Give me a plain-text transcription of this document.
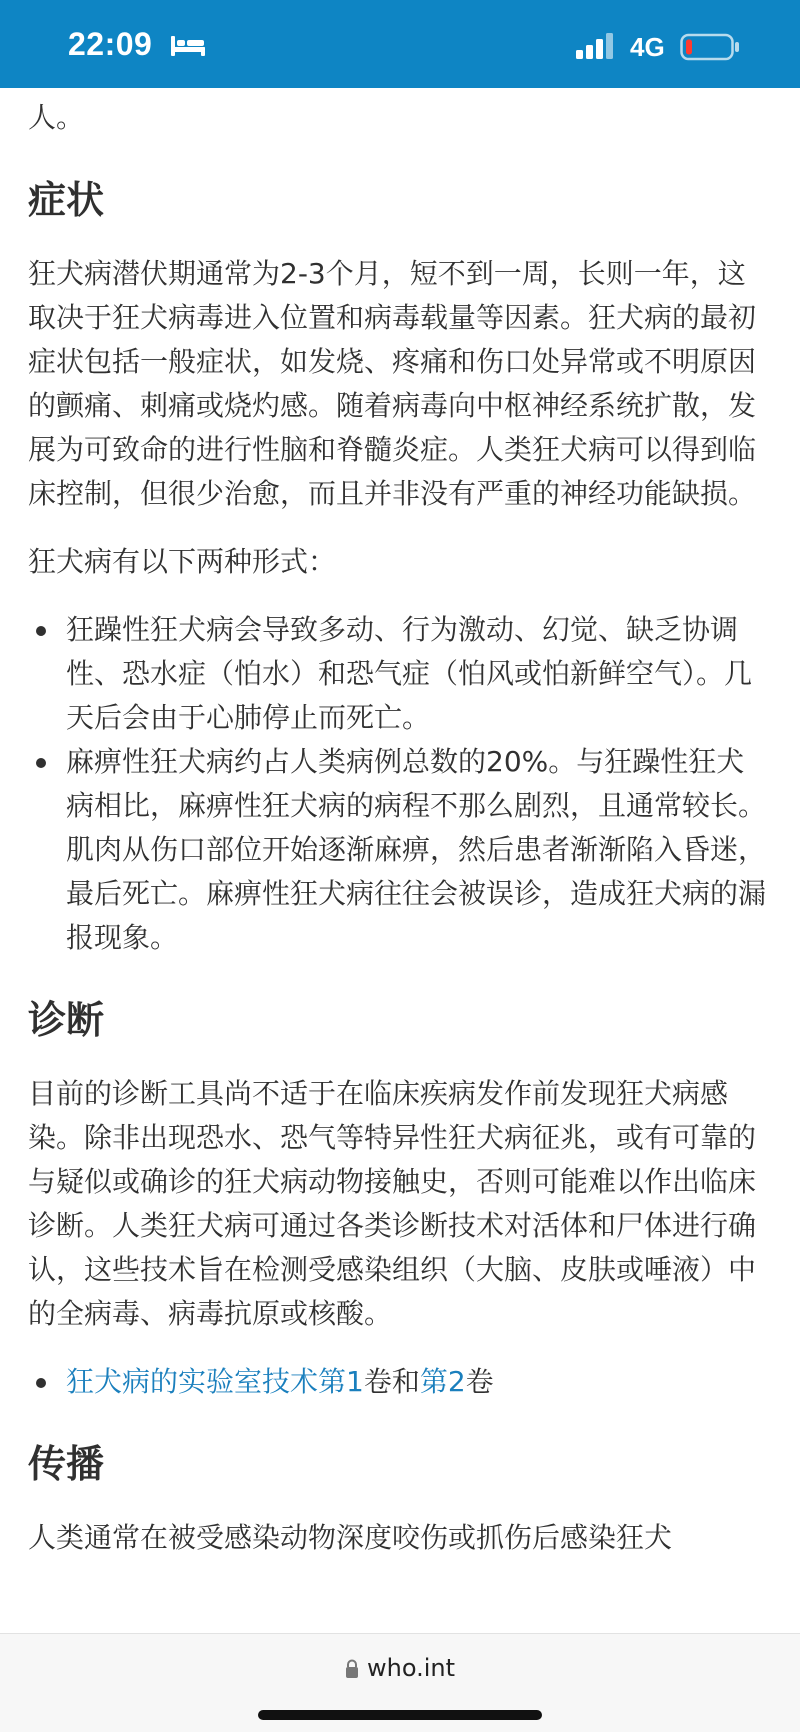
22:09	4G

人。

症状

狂犬病潜伏期通常为2-3个月，短不到一周，长则一年，这取决于狂犬病毒进入位置和病毒载量等因素。狂犬病的最初症状包括一般症状，如发烧、疼痛和伤口处异常或不明原因的颤痛、刺痛或烧灼感。随着病毒向中枢神经系统扩散，发展为可致命的进行性脑和脊髓炎症。人类狂犬病可以得到临床控制，但很少治愈，而且并非没有严重的神经功能缺损。

狂犬病有以下两种形式：

狂躁性狂犬病会导致多动、行为激动、幻觉、缺乏协调性、恐水症（怕水）和恐气症（怕风或怕新鲜空气）。几天后会由于心肺停止而死亡。
麻痹性狂犬病约占人类病例总数的20%。与狂躁性狂犬病相比，麻痹性狂犬病的病程不那么剧烈，且通常较长。肌肉从伤口部位开始逐渐麻痹，然后患者渐渐陷入昏迷，最后死亡。麻痹性狂犬病往往会被误诊，造成狂犬病的漏报现象。
诊断

目前的诊断工具尚不适于在临床疾病发作前发现狂犬病感染。除非出现恐水、恐气等特异性狂犬病征兆，或有可靠的与疑似或确诊的狂犬病动物接触史，否则可能难以作出临床诊断。人类狂犬病可通过各类诊断技术对活体和尸体进行确认，这些技术旨在检测受感染组织（大脑、皮肤或唾液）中的全病毒、病毒抗原或核酸。

狂犬病的实验室技术第1卷和第2卷
传播

人类通常在被受感染动物深度咬伤或抓伤后感染狂犬

who.int
